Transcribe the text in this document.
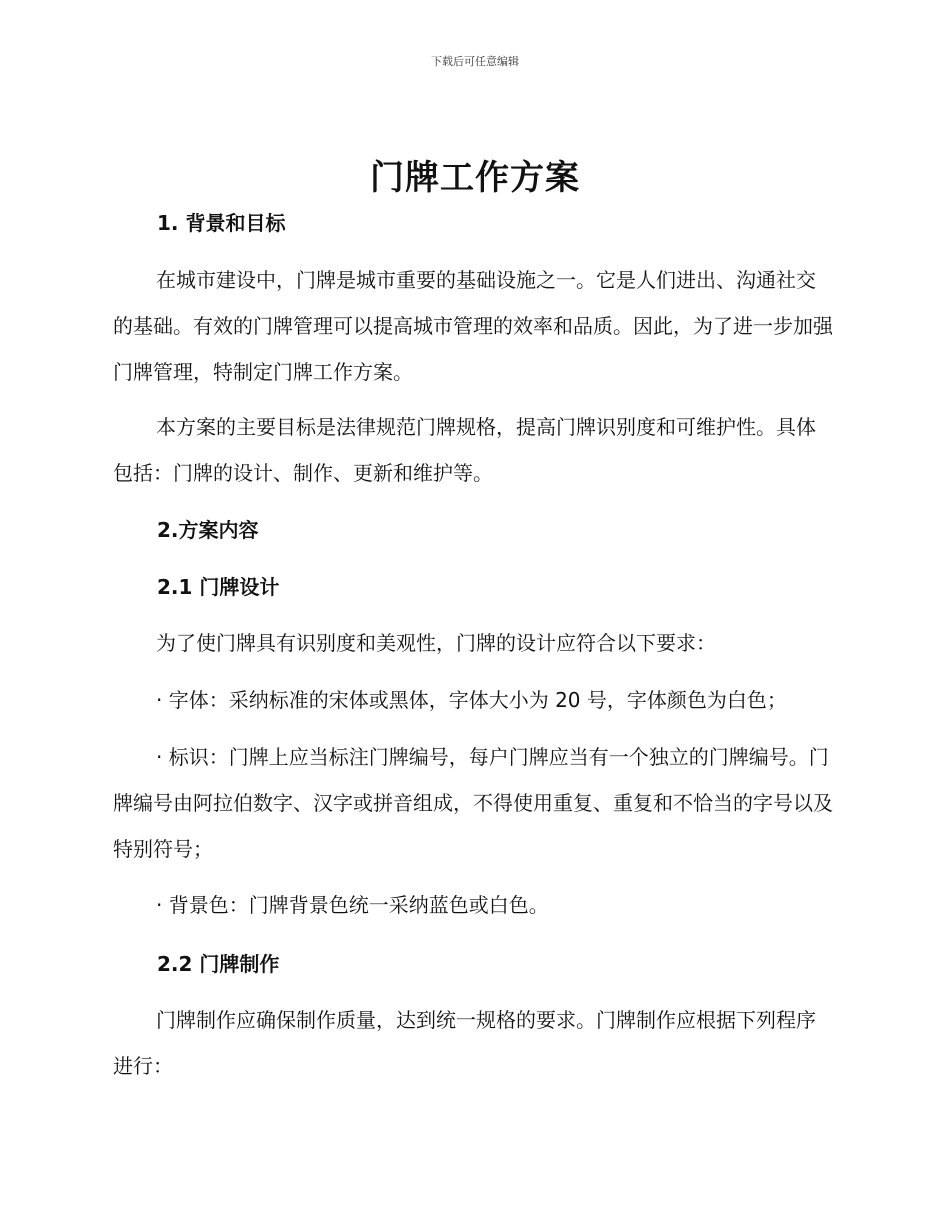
下载后可任意编辑
门牌工作方案
1. 背景和目标

在城市建设中，门牌是城市重要的基础设施之一。它是人们进出、沟通社交的基础。有效的门牌管理可以提高城市管理的效率和品质。因此，为了进一步加强门牌管理，特制定门牌工作方案。

本方案的主要目标是法律规范门牌规格，提高门牌识别度和可维护性。具体包括：门牌的设计、制作、更新和维护等。

2.方案内容
2.1 门牌设计

为了使门牌具有识别度和美观性，门牌的设计应符合以下要求：

· 字体：采纳标准的宋体或黑体，字体大小为 20 号，字体颜色为白色；

· 标识：门牌上应当标注门牌编号，每户门牌应当有一个独立的门牌编号。门牌编号由阿拉伯数字、汉字或拼音组成，不得使用重复、重复和不恰当的字号以及特别符号；

· 背景色：门牌背景色统一采纳蓝色或白色。

2.2 门牌制作

门牌制作应确保制作质量，达到统一规格的要求。门牌制作应根据下列程序进行：
